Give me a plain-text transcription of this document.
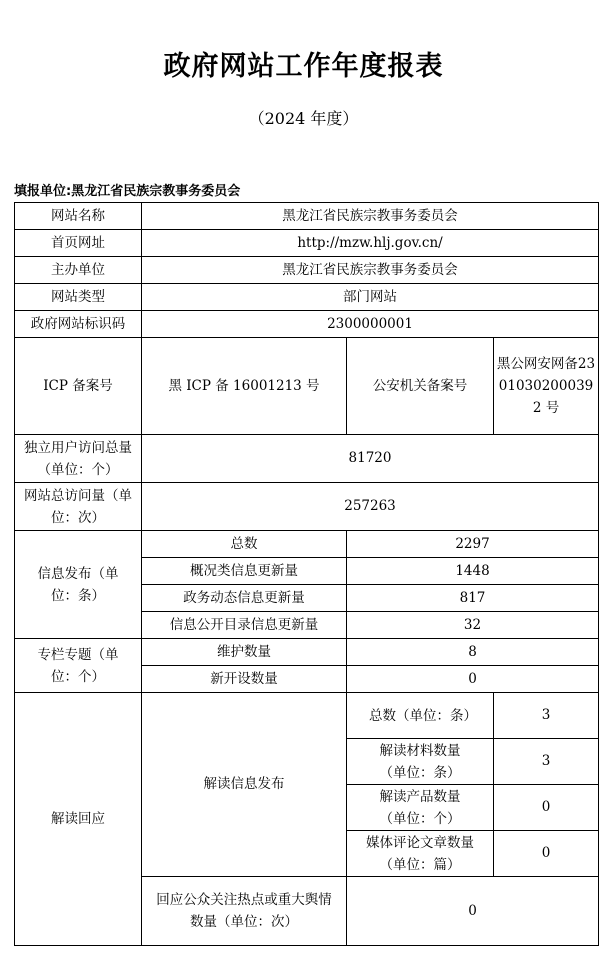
政府网站工作年度报表
（2024 年度）
填报单位:黑龙江省民族宗教事务委员会
网站名称	黑龙江省民族宗教事务委员会		
首页网址	http://mzw.hlj.gov.cn/		
主办单位	黑龙江省民族宗教事务委员会		
网站类型	部门网站		
政府网站标识码	2300000001		
ICP 备案号	黑 ICP 备 16001213 号	公安机关备案号	黑公网安网备23010302000392 号
独立用户访问总量（单位：个）	81720		
网站总访问量（单位：次）	257263		
信息发布（单位：条）	总数	2297	
	概况类信息更新量	1448	
	政务动态信息更新量	817	
	信息公开目录信息更新量	32	
专栏专题（单位：个）	维护数量	8	
	新开设数量	0	
解读回应	解读信息发布	总数（单位：条）	3
		解读材料数量（单位：条）	3
		解读产品数量（单位：个）	0
		媒体评论文章数量（单位：篇）	0
	回应公众关注热点或重大舆情数量（单位：次）	0	
